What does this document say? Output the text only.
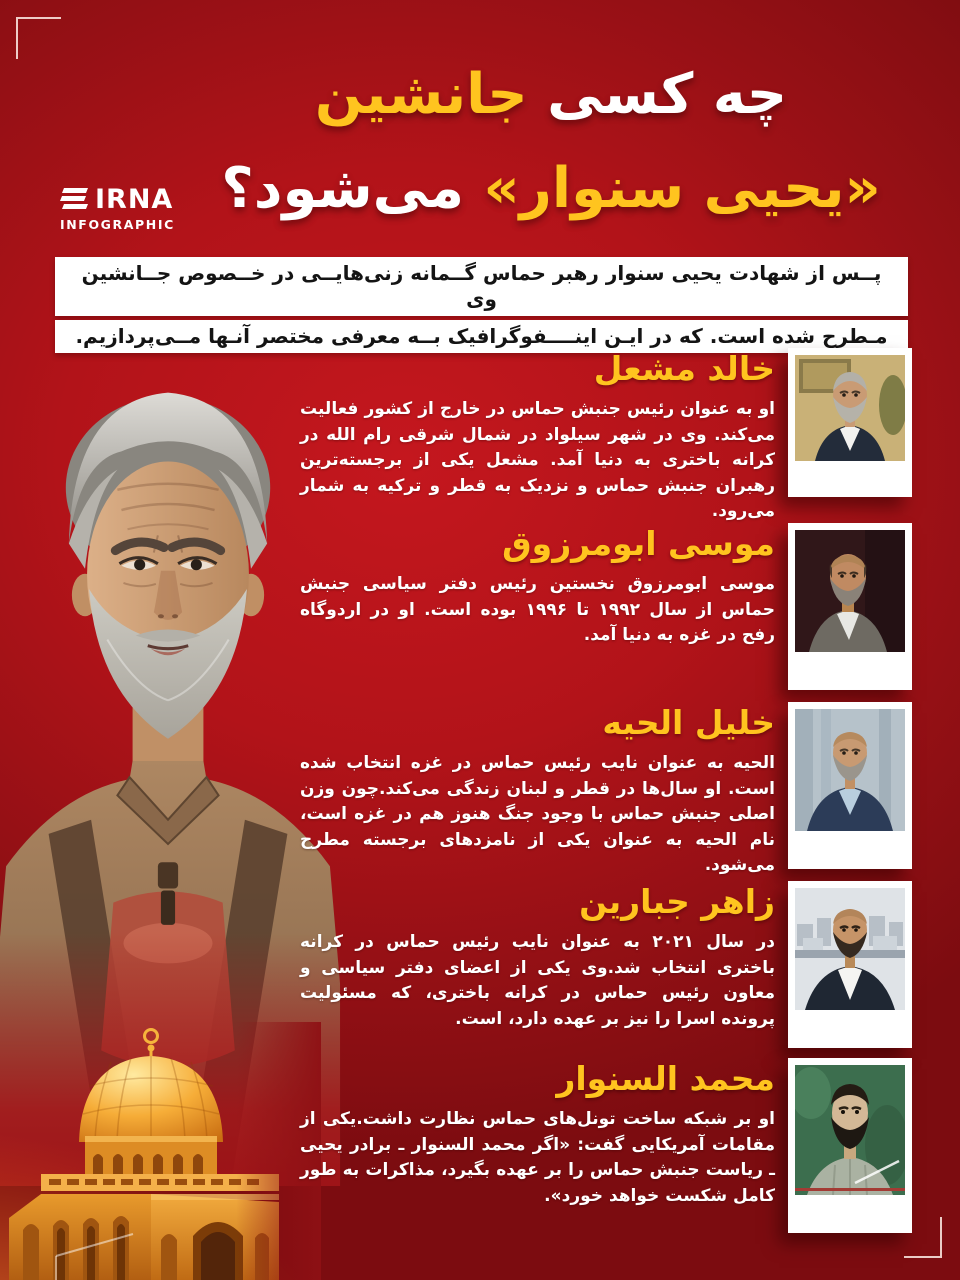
چه کسی جانشین
«یحیی سنوار» می‌شود؟
IRNA
INFOGRAPHIC
پــس از شهادت یحیی سنوار رهبر حماس گــمانه زنی‌هایــی در خــصوص جــانشین وی
مـطرح شده است. که در ایـن اینــــفوگرافیک بــه معرفی مختصر آنـها مــی‌پردازیم.
خالد مشعل
او به عنوان رئیس جنبش حماس در خارج از کشور فعالیت می‌کند. وی در شهر سیلواد در شمال شرقی رام الله در کرانه باختری به دنیا آمد. مشعل یکی از برجسته‌ترین رهبران جنبش حماس و نزدیک به قطر و ترکیه به شمار می‌رود.
موسی ابومرزوق
موسی ابومرزوق نخستین رئیس دفتر سیاسی جنبش حماس از سال ۱۹۹۲ تا ۱۹۹۶ بوده است. او در اردوگاه رفح در غزه به دنیا آمد.
خلیل الحیه
الحیه به عنوان نایب رئیس حماس در غزه انتخاب شده است. او سال‌ها در قطر و لبنان زندگی می‌کند.چون وزن اصلی جنبش حماس با وجود جنگ هنوز هم در غزه است، نام الحیه به عنوان یکی از نامزدهای برجسته مطرح می‌شود.
زاهر جبارین
در سال ۲۰۲۱ به عنوان نایب رئیس حماس در کرانه باختری انتخاب شد.وی یکی از اعضای دفتر سیاسی و معاون رئیس حماس در کرانه باختری، که مسئولیت پرونده اسرا را نیز بر عهده دارد، است.
محمد السنوار
او بر شبکه ساخت تونل‌های حماس نظارت داشت.یکی از مقامات آمریکایی گفت: «اگر محمد السنوار ـ برادر یحیی ـ ریاست جنبش حماس را بر عهده بگیرد، مذاکرات به طور کامل شکست خواهد خورد».
